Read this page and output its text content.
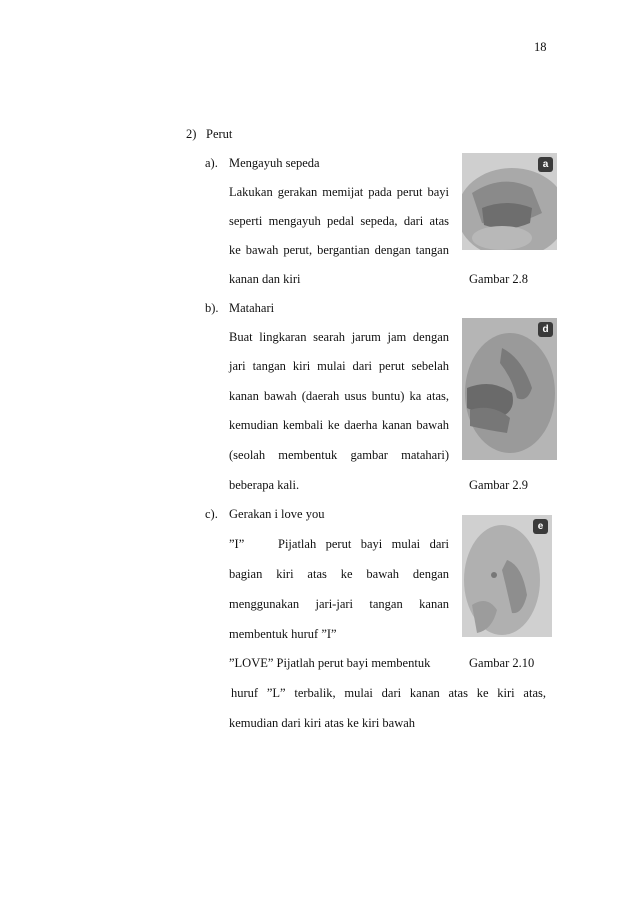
18
2) Perut
a). Mengayuh sepeda
Lakukan gerakan memijat pada perut bayi
seperti mengayuh pedal sepeda, dari atas
ke bawah perut, bergantian dengan tangan
kanan dan kiri
a
Gambar 2.8
b). Matahari
Buat lingkaran searah jarum jam dengan
jari tangan kiri mulai dari perut sebelah
kanan bawah (daerah usus buntu) ka atas,
kemudian kembali ke daerha kanan bawah
(seolah membentuk gambar matahari)
beberapa kali.
d
Gambar 2.9
c). Gerakan i love you
”I”	Pijatlah perut bayi mulai dari
bagian kiri atas ke bawah dengan
menggunakan jari-jari tangan kanan
membentuk huruf ”I”
”LOVE” Pijatlah perut bayi membentuk
huruf ”L” terbalik, mulai dari kanan atas ke kiri atas,
kemudian dari kiri atas ke kiri bawah
e
Gambar 2.10
